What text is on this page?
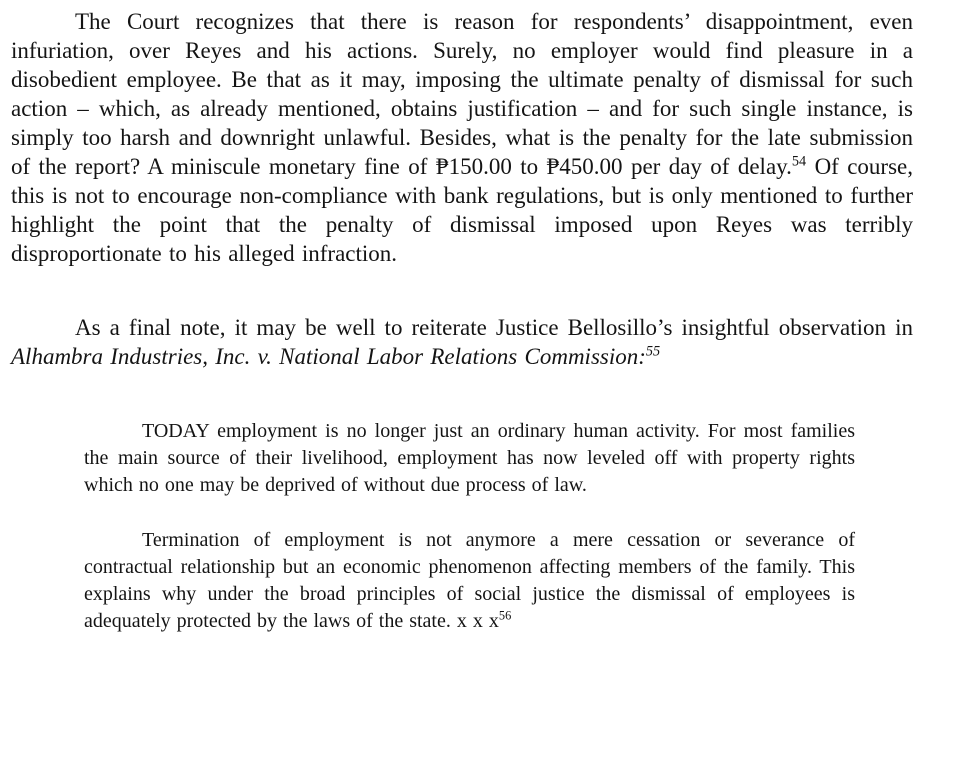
The Court recognizes that there is reason for respondents’ disappointment, even infuriation, over Reyes and his actions. Surely, no employer would find pleasure in a disobedient employee. Be that as it may, imposing the ultimate penalty of dismissal for such action – which, as already mentioned, obtains justification – and for such single instance, is simply too harsh and downright unlawful. Besides, what is the penalty for the late submission of the report? A miniscule monetary fine of ₱150.00 to ₱450.00 per day of delay.$^{54}$ Of course, this is not to encourage non-compliance with bank regulations, but is only mentioned to further highlight the point that the penalty of dismissal imposed upon Reyes was terribly disproportionate to his alleged infraction.

As a final note, it may be well to reiterate Justice Bellosillo’s insightful observation in Alhambra Industries, Inc. v. National Labor Relations Commission:$^{55}$

TODAY employment is no longer just an ordinary human activity. For most families the main source of their livelihood, employment has now leveled off with property rights which no one may be deprived of without due process of law.
Termination of employment is not anymore a mere cessation or severance of contractual relationship but an economic phenomenon affecting members of the family. This explains why under the broad principles of social justice the dismissal of employees is adequately protected by the laws of the state. x x x$^{56}$
